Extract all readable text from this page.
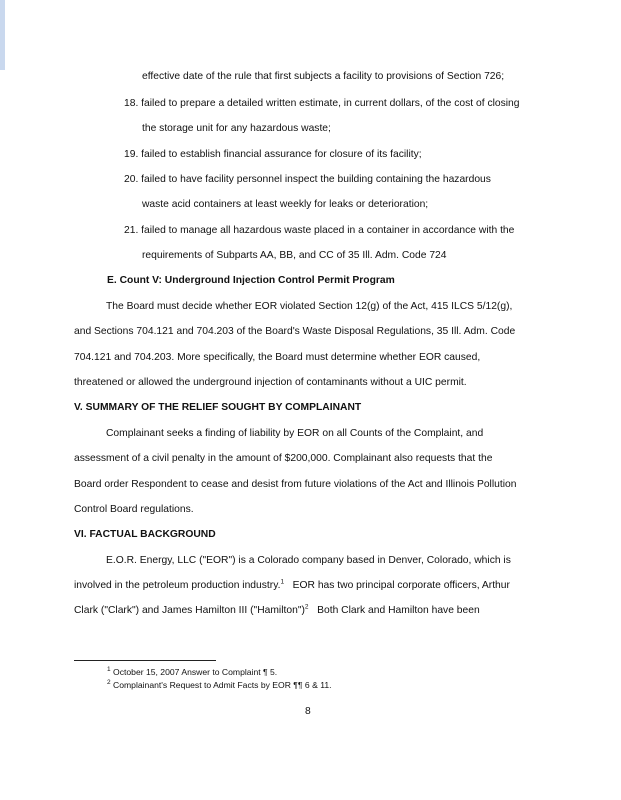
effective date of the rule that first subjects a facility to provisions of Section 726;
18. failed to prepare a detailed written estimate, in current dollars, of the cost of closing
the storage unit for any hazardous waste;
19. failed to establish financial assurance for closure of its facility;
20. failed to have facility personnel inspect the building containing the hazardous
waste acid containers at least weekly for leaks or deterioration;
21. failed to manage all hazardous waste placed in a container in accordance with the
requirements of Subparts AA, BB, and CC of 35 Ill. Adm. Code 724
E. Count V: Underground Injection Control Permit Program
The Board must decide whether EOR violated Section 12(g) of the Act, 415 ILCS 5/12(g),
and Sections 704.121 and 704.203 of the Board's Waste Disposal Regulations, 35 Ill. Adm. Code
704.121 and 704.203. More specifically, the Board must determine whether EOR caused,
threatened or allowed the underground injection of contaminants without a UIC permit.
V. SUMMARY OF THE RELIEF SOUGHT BY COMPLAINANT
Complainant seeks a finding of liability by EOR on all Counts of the Complaint, and
assessment of a civil penalty in the amount of $200,000. Complainant also requests that the
Board order Respondent to cease and desist from future violations of the Act and Illinois Pollution
Control Board regulations.
VI. FACTUAL BACKGROUND
E.O.R. Energy, LLC ("EOR") is a Colorado company based in Denver, Colorado, which is
involved in the petroleum production industry.$^1$ EOR has two principal corporate officers, Arthur
Clark ("Clark") and James Hamilton III ("Hamilton")$^2$ Both Clark and Hamilton have been
$^1$ October 15, 2007 Answer to Complaint ¶ 5.
$^2$ Complainant's Request to Admit Facts by EOR ¶¶ 6 & 11.
8
